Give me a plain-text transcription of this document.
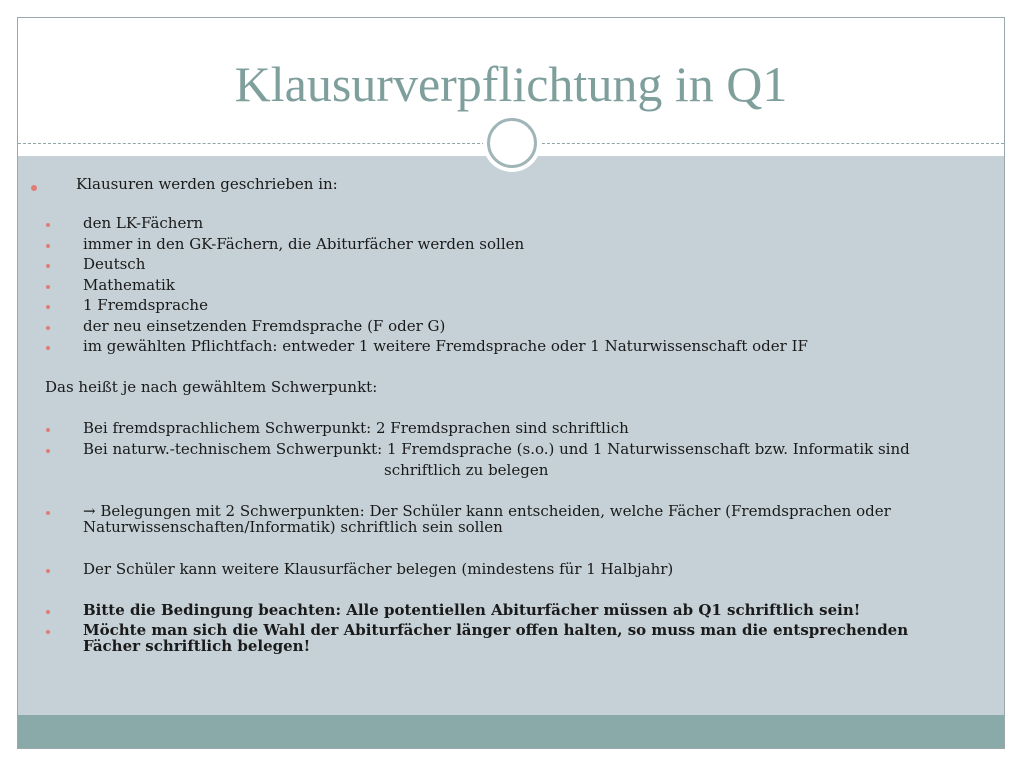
Klausurverpflichtung in Q1
Klausuren werden geschrieben in:
den LK-Fächern
immer in den GK-Fächern, die Abiturfächer werden sollen
Deutsch
Mathematik
1 Fremdsprache
der neu einsetzenden Fremdsprache (F oder G)
im gewählten Pflichtfach: entweder 1 weitere Fremdsprache oder 1 Naturwissenschaft oder IF
Das heißt je nach gewähltem Schwerpunkt:
Bei fremdsprachlichem Schwerpunkt: 2 Fremdsprachen sind schriftlich
Bei naturw.-technischem Schwerpunkt: 1 Fremdsprache (s.o.) und 1 Naturwissenschaft bzw. Informatik sind
schriftlich zu belegen
→ Belegungen mit 2 Schwerpunkten: Der Schüler kann entscheiden, welche Fächer (Fremdsprachen oder
Naturwissenschaften/Informatik) schriftlich sein sollen
Der Schüler kann weitere Klausurfächer belegen (mindestens für 1 Halbjahr)
Bitte die Bedingung beachten: Alle potentiellen Abiturfächer müssen ab Q1 schriftlich sein!
Möchte man sich die Wahl der Abiturfächer länger offen halten, so muss man die entsprechenden
Fächer schriftlich belegen!
